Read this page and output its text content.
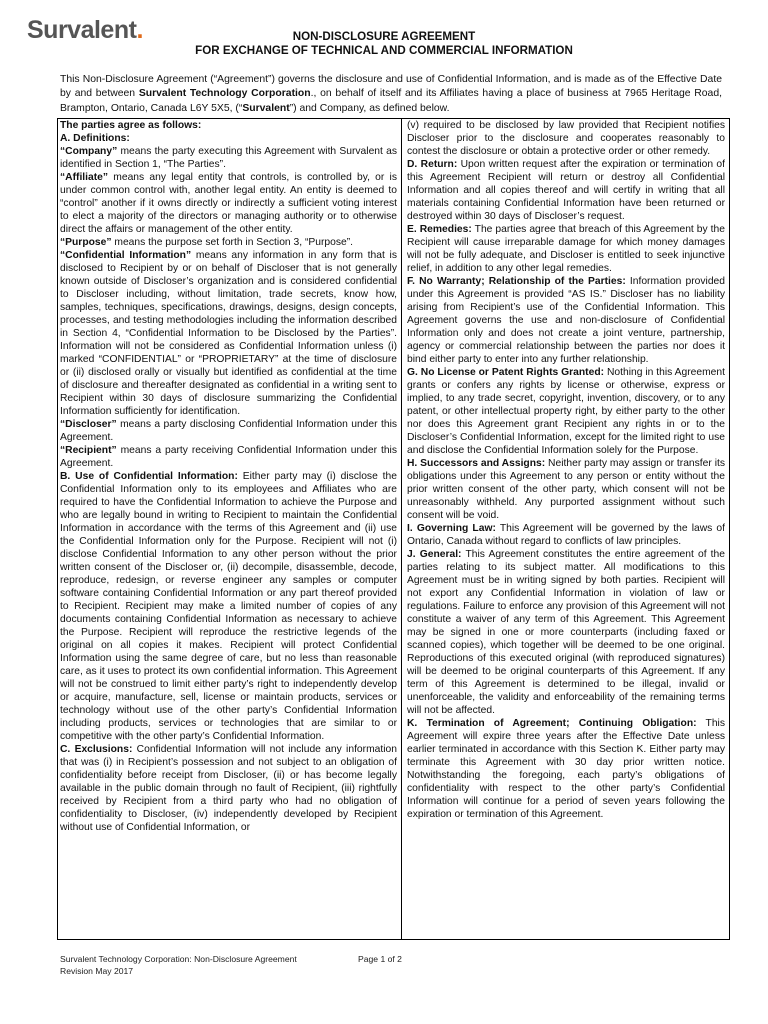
Survalent.	NON-DISCLOSURE AGREEMENT
FOR EXCHANGE OF TECHNICAL AND COMMERCIAL INFORMATION
This Non-Disclosure Agreement (“Agreement”) governs the disclosure and use of Confidential Information, and is made as of the Effective Date by and between Survalent Technology Corporation., on behalf of itself and its Affiliates having a place of business at 7965 Heritage Road, Brampton, Ontario, Canada L6Y 5X5, (“Survalent”) and Company, as defined below.

The parties agree as follows:

A. Definitions:

“Company” means the party executing this Agreement with Survalent as identified in Section 1, “The Parties”.

“Affiliate” means any legal entity that controls, is controlled by, or is under common control with, another legal entity. An entity is deemed to “control” another if it owns directly or indirectly a sufficient voting interest to elect a majority of the directors or managing authority or to otherwise direct the affairs or management of the other entity.

“Purpose” means the purpose set forth in Section 3, “Purpose”.

“Confidential Information” means any information in any form that is disclosed to Recipient by or on behalf of Discloser that is not generally known outside of Discloser’s organization and is considered confidential to Discloser including, without limitation, trade secrets, know how, samples, techniques, specifications, drawings, designs, design concepts, processes, and testing methodologies including the information described in Section 4, “Confidential Information to be Disclosed by the Parties”. Information will not be considered as Confidential Information unless (i) marked “CONFIDENTIAL” or “PROPRIETARY” at the time of disclosure or (ii) disclosed orally or visually but identified as confidential at the time of disclosure and thereafter designated as confidential in a writing sent to Recipient within 30 days of disclosure summarizing the Confidential Information sufficiently for identification.

“Discloser” means a party disclosing Confidential Information under this Agreement.

“Recipient” means a party receiving Confidential Information under this Agreement.

B. Use of Confidential Information: Either party may (i) disclose the Confidential Information only to its employees and Affiliates who are required to have the Confidential Information to achieve the Purpose and who are legally bound in writing to Recipient to maintain the Confidential Information in accordance with the terms of this Agreement and (ii) use the Confidential Information only for the Purpose. Recipient will not (i) disclose Confidential Information to any other person without the prior written consent of the Discloser or, (ii) decompile, disassemble, decode, reproduce, redesign, or reverse engineer any samples or computer software containing Confidential Information or any part thereof provided to Recipient. Recipient may make a limited number of copies of any documents containing Confidential Information as necessary to achieve the Purpose. Recipient will reproduce the restrictive legends of the original on all copies it makes. Recipient will protect Confidential Information using the same degree of care, but no less than reasonable care, as it uses to protect its own confidential information. This Agreement will not be construed to limit either party’s right to independently develop or acquire, manufacture, sell, license or maintain products, services or technology without use of the other party’s Confidential Information including products, services or technologies that are similar to or competitive with the other party’s Confidential Information.

C. Exclusions: Confidential Information will not include any information that was (i) in Recipient’s possession and not subject to an obligation of confidentiality before receipt from Discloser, (ii) or has become legally available in the public domain through no fault of Recipient, (iii) rightfully received by Recipient from a third party who had no obligation of confidentiality to Discloser, (iv) independently developed by Recipient without use of Confidential Information, or

(v) required to be disclosed by law provided that Recipient notifies Discloser prior to the disclosure and cooperates reasonably to contest the disclosure or obtain a protective order or other remedy.

D. Return: Upon written request after the expiration or termination of this Agreement Recipient will return or destroy all Confidential Information and all copies thereof and will certify in writing that all materials containing Confidential Information have been returned or destroyed within 30 days of Discloser’s request.

E. Remedies: The parties agree that breach of this Agreement by the Recipient will cause irreparable damage for which money damages will not be fully adequate, and Discloser is entitled to seek injunctive relief, in addition to any other legal remedies.

F. No Warranty; Relationship of the Parties: Information provided under this Agreement is provided “AS IS.” Discloser has no liability arising from Recipient’s use of the Confidential Information. This Agreement governs the use and non-disclosure of Confidential Information only and does not create a joint venture, partnership, agency or commercial relationship between the parties nor does it bind either party to enter into any further relationship.

G. No License or Patent Rights Granted: Nothing in this Agreement grants or confers any rights by license or otherwise, express or implied, to any trade secret, copyright, invention, discovery, or to any patent, or other intellectual property right, by either party to the other nor does this Agreement grant Recipient any rights in or to the Discloser’s Confidential Information, except for the limited right to use and disclose the Confidential Information solely for the Purpose.

H. Successors and Assigns: Neither party may assign or transfer its obligations under this Agreement to any person or entity without the prior written consent of the other party, which consent will not be unreasonably withheld. Any purported assignment without such consent will be void.

I. Governing Law: This Agreement will be governed by the laws of Ontario, Canada without regard to conflicts of law principles.

J. General: This Agreement constitutes the entire agreement of the parties relating to its subject matter. All modifications to this Agreement must be in writing signed by both parties. Recipient will not export any Confidential Information in violation of law or regulations. Failure to enforce any provision of this Agreement will not constitute a waiver of any term of this Agreement. This Agreement may be signed in one or more counterparts (including faxed or scanned copies), which together will be deemed to be one original. Reproductions of this executed original (with reproduced signatures) will be deemed to be original counterparts of this Agreement. If any term of this Agreement is determined to be illegal, invalid or unenforceable, the validity and enforceability of the remaining terms will not be affected.

K. Termination of Agreement; Continuing Obligation: This Agreement will expire three years after the Effective Date unless earlier terminated in accordance with this Section K. Either party may terminate this Agreement with 30 day prior written notice. Notwithstanding the foregoing, each party’s obligations of confidentiality with respect to the other party’s Confidential Information will continue for a period of seven years following the expiration or termination of this Agreement.

Survalent Technology Corporation: Non-Disclosure Agreement
Revision May 2017
Page 1 of 2
